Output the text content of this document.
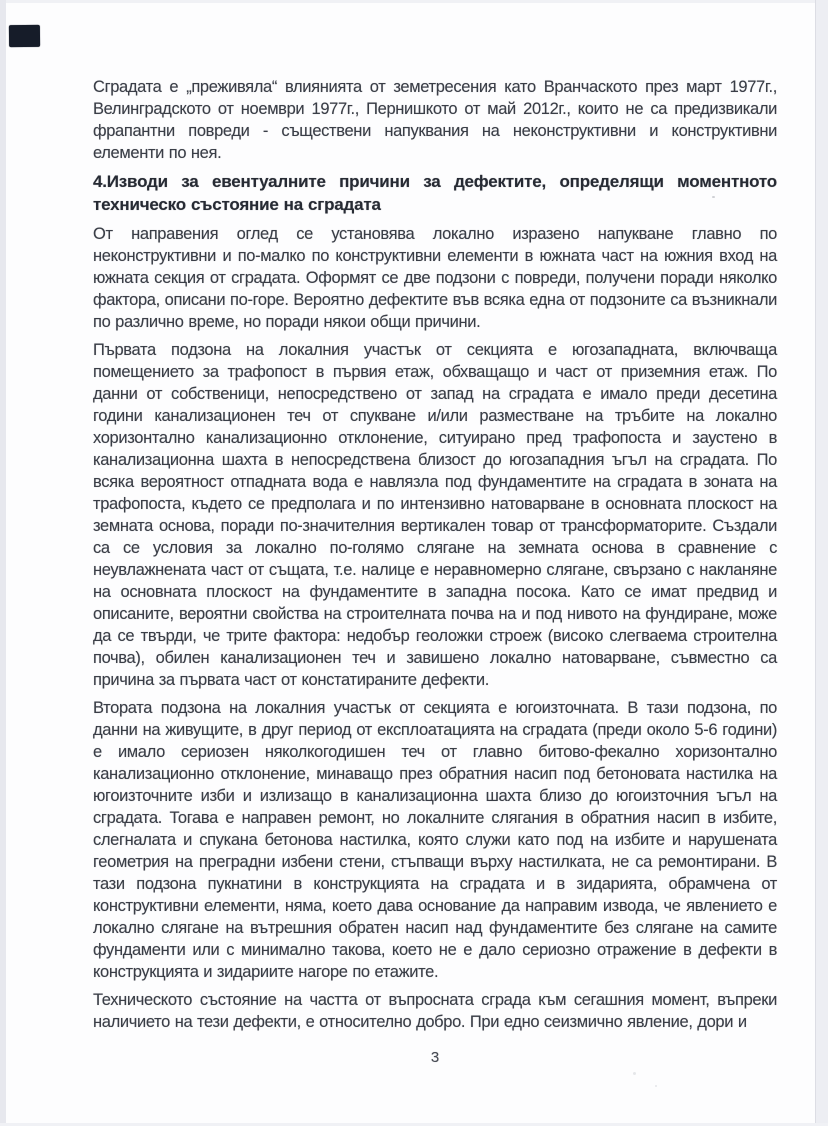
Сградата е „преживяла“ влиянията от земетресения като Вранчаското през март 1977г., Велинградското от ноември 1977г., Пернишкото от май 2012г., които не са предизвикали фрапантни повреди - съществени напуквания на неконструктивни и конструктивни елементи по нея.

4.Изводи за евентуалните причини за дефектите, определящи моментното техническо състояние на сградата

От направения оглед се установява локално изразено напукване главно по неконструктивни и по-малко по конструктивни елементи в южната част на южния вход на южната секция от сградата. Оформят се две подзони с повреди, получени поради няколко фактора, описани по-горе. Вероятно дефектите във всяка една от подзоните са възникнали по различно време, но поради някои общи причини.

Първата подзона на локалния участък от секцията е югозападната, включваща помещението за трафопост в първия етаж, обхващащо и част от приземния етаж. По данни от собственици, непосредствено от запад на сградата е имало преди десетина години канализационен теч от спукване и/или разместване на тръбите на локално хоризонтално канализационно отклонение, ситуирано пред трафопоста и заустено в канализационна шахта в непосредствена близост до югозападния ъгъл на сградата. По всяка вероятност отпадната вода е навлязла под фундаментите на сградата в зоната на трафопоста, където се предполага и по интензивно натоварване в основната плоскост на земната основа, поради по-значителния вертикален товар от трансформаторите. Създали са се условия за локално по-голямо слягане на земната основа в сравнение с неувлажнената част от същата, т.е. налице е неравномерно слягане, свързано с накланяне на основната плоскост на фундаментите в западна посока. Като се имат предвид и описаните, вероятни свойства на строителната почва на и под нивото на фундиране, може да се твърди, че трите фактора: недобър геоложки строеж (високо слегваема строителна почва), обилен канализационен теч и завишено локално натоварване, съвместно са причина за първата част от констатираните дефекти.

Втората подзона на локалния участък от секцията е югоизточната. В тази подзона, по данни на живущите, в друг период от експлоатацията на сградата (преди около 5-6 години) е имало сериозен няколкогодишен теч от главно битово-фекално хоризонтално канализационно отклонение, минаващо през обратния насип под бетоновата настилка на югоизточните изби и излизащо в канализационна шахта близо до югоизточния ъгъл на сградата. Тогава е направен ремонт, но локалните слягания в обратния насип в избите, слегналата и спукана бетонова настилка, която служи като под на избите и нарушената геометрия на преградни избени стени, стъпващи върху настилката, не са ремонтирани. В тази подзона пукнатини в конструкцията на сградата и в зидарията, обрамчена от конструктивни елементи, няма, което дава основание да направим извода, че явлението е локално слягане на вътрешния обратен насип над фундаментите без слягане на самите фундаменти или с минимално такова, което не е дало сериозно отражение в дефекти в конструкцията и зидариите нагоре по етажите.

Техническото състояние на частта от въпросната сграда към сегашния момент, въпреки наличието на тези дефекти, е относително добро. При едно сеизмично явление, дори и

3
